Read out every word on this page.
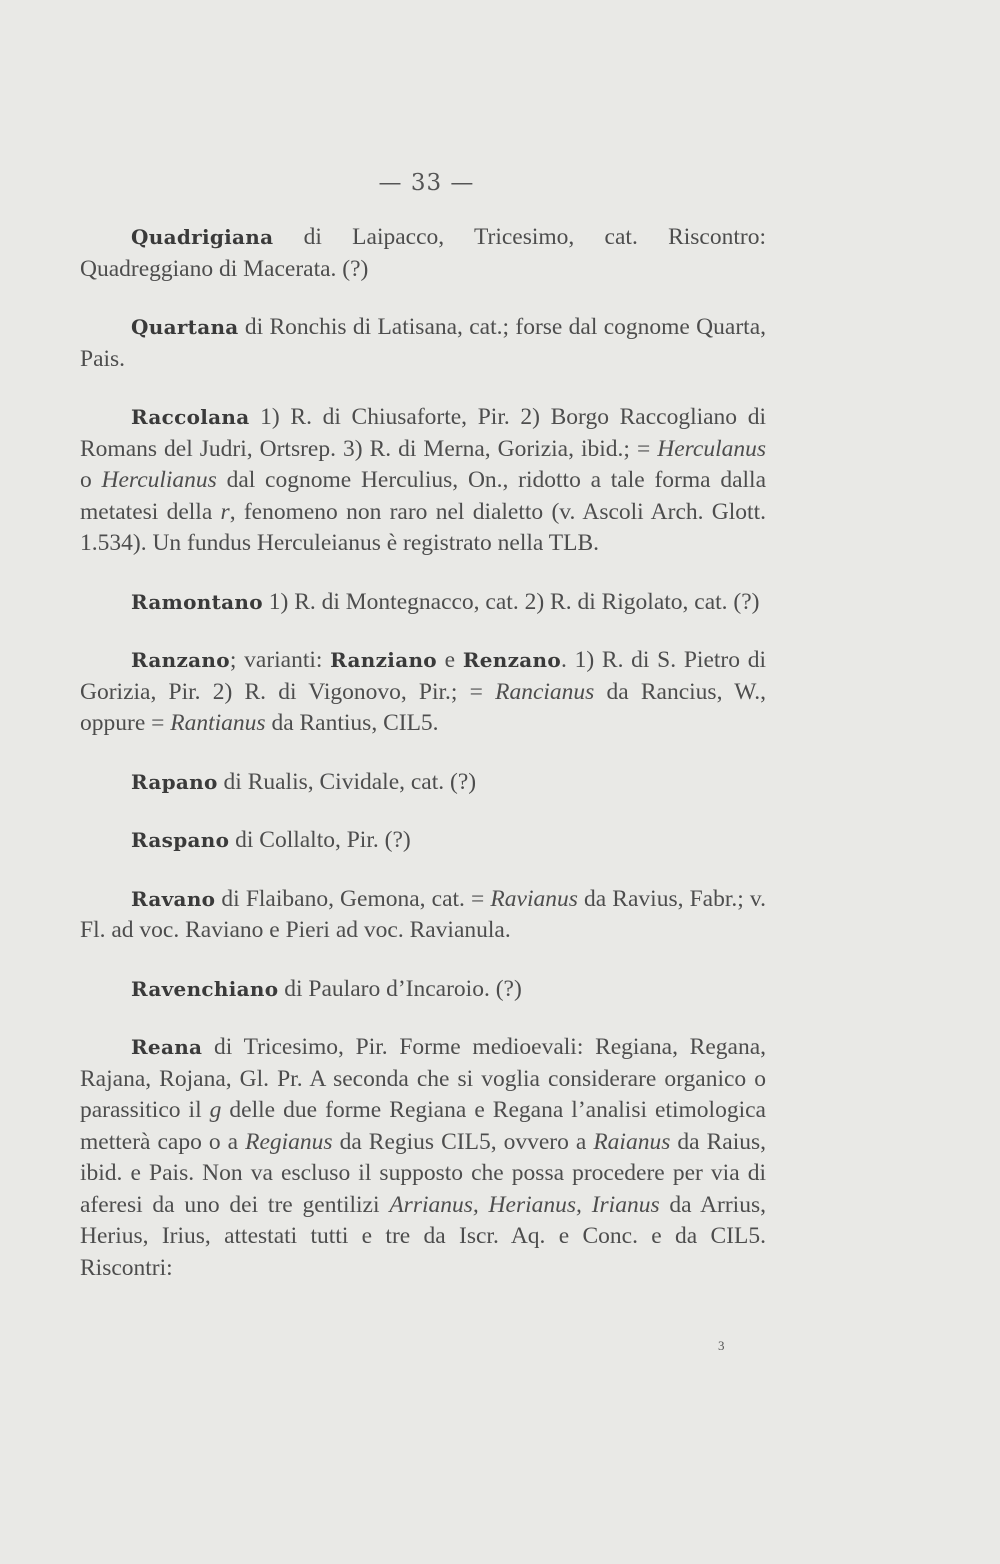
— 33 —

Quadrigiana di Laipacco, Tricesimo, cat. Riscontro: Quadreggiano di Macerata. (?)

Quartana di Ronchis di Latisana, cat.; forse dal cognome Quarta, Pais.

Raccolana 1) R. di Chiusaforte, Pir. 2) Borgo Raccogliano di Romans del Judri, Ortsrep. 3) R. di Merna, Gorizia, ibid.; = Herculanus o Herculianus dal cognome Herculius, On., ridotto a tale forma dalla metatesi della r, fenomeno non raro nel dialetto (v. Ascoli Arch. Glott. 1.534). Un fundus Herculeianus è registrato nella TLB.

Ramontano 1) R. di Montegnacco, cat. 2) R. di Rigolato, cat. (?)

Ranzano; varianti: Ranziano e Renzano. 1) R. di S. Pietro di Gorizia, Pir. 2) R. di Vigonovo, Pir.; = Rancianus da Rancius, W., oppure = Rantianus da Rantius, CIL5.

Rapano di Rualis, Cividale, cat. (?)

Raspano di Collalto, Pir. (?)

Ravano di Flaibano, Gemona, cat. = Ravianus da Ravius, Fabr.; v. Fl. ad voc. Raviano e Pieri ad voc. Ravianula.

Ravenchiano di Paularo d’Incaroio. (?)

Reana di Tricesimo, Pir. Forme medioevali: Regiana, Regana, Rajana, Rojana, Gl. Pr. A seconda che si voglia considerare organico o parassitico il g delle due forme Regiana e Regana l’analisi etimologica metterà capo o a Regianus da Regius CIL5, ovvero a Raianus da Raius, ibid. e Pais. Non va escluso il supposto che possa procedere per via di aferesi da uno dei tre gentilizi Arrianus, Herianus, Irianus da Arrius, Herius, Irius, attestati tutti e tre da Iscr. Aq. e Conc. e da CIL5. Riscontri:

3
